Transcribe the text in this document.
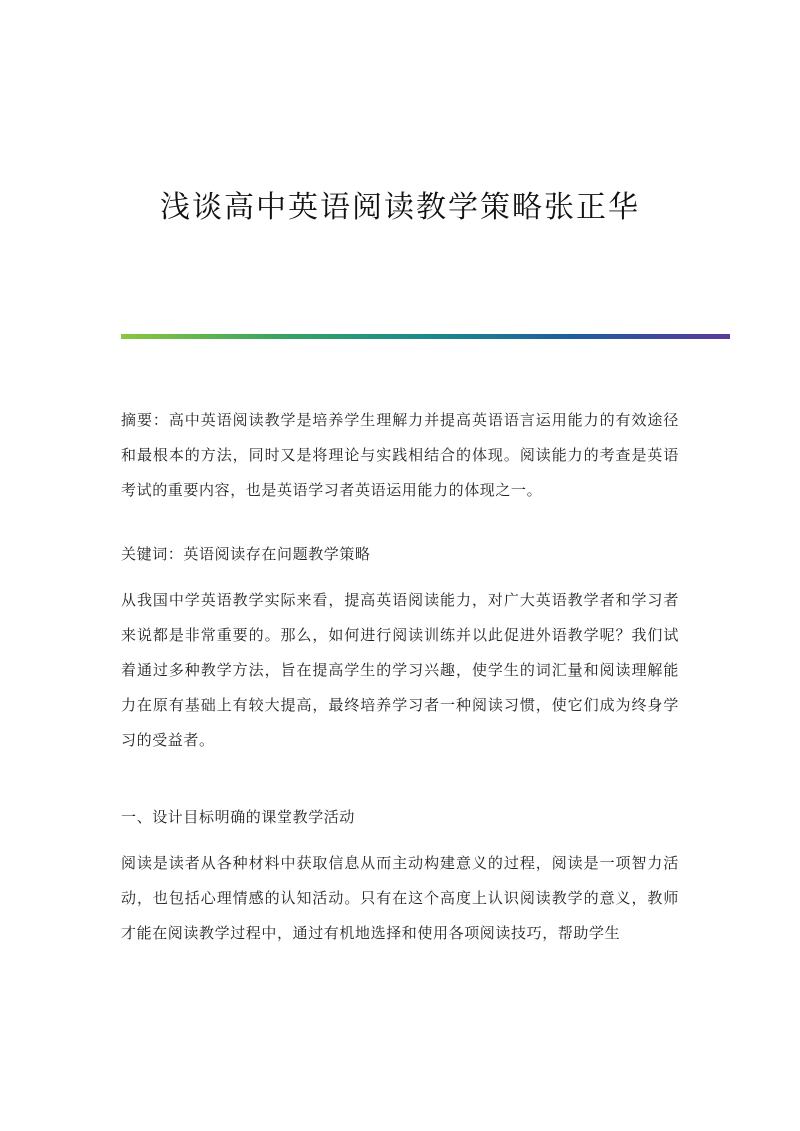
浅谈高中英语阅读教学策略张正华

摘要：高中英语阅读教学是培养学生理解力并提高英语语言运用能力的有效途径和最根本的方法，同时又是将理论与实践相结合的体现。阅读能力的考查是英语考试的重要内容，也是英语学习者英语运用能力的体现之一。

关键词：英语阅读存在问题教学策略

从我国中学英语教学实际来看，提高英语阅读能力，对广大英语教学者和学习者来说都是非常重要的。那么，如何进行阅读训练并以此促进外语教学呢？我们试着通过多种教学方法，旨在提高学生的学习兴趣，使学生的词汇量和阅读理解能力在原有基础上有较大提高，最终培养学习者一种阅读习惯，使它们成为终身学习的受益者。

一、设计目标明确的课堂教学活动

阅读是读者从各种材料中获取信息从而主动构建意义的过程，阅读是一项智力活动，也包括心理情感的认知活动。只有在这个高度上认识阅读教学的意义，教师才能在阅读教学过程中，通过有机地选择和使用各项阅读技巧，帮助学生
